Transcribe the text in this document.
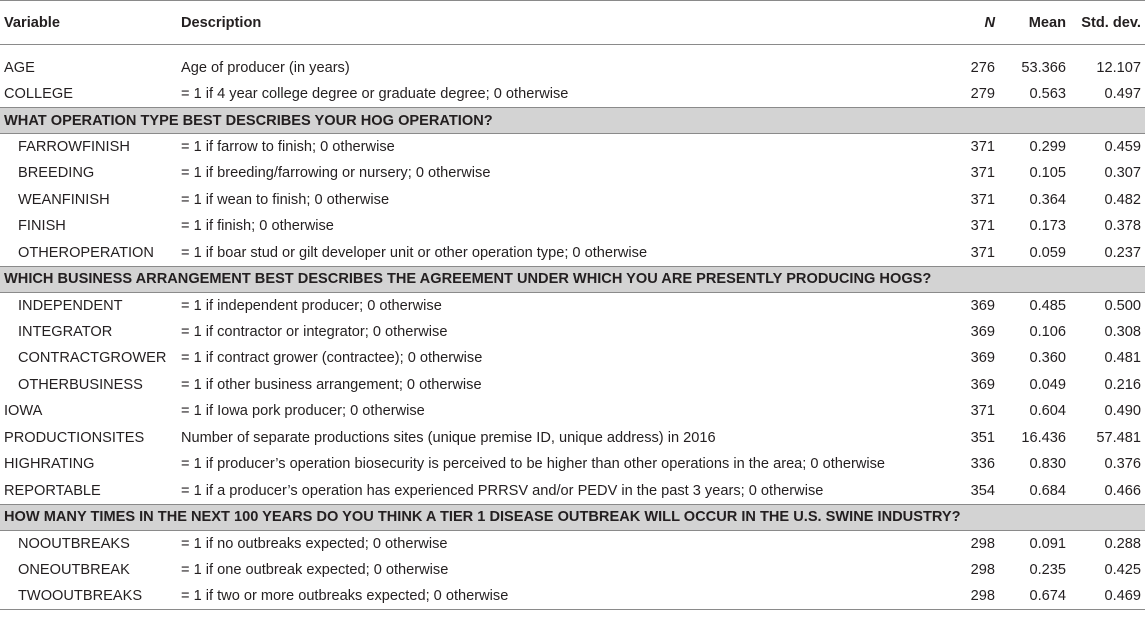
Variable	Description	N	Mean	Std. dev.

AGE	Age of producer (in years)	276	53.366	12.107
COLLEGE	= 1 if 4 year college degree or graduate degree; 0 otherwise	279	0.563	0.497
WHAT OPERATION TYPE BEST DESCRIBES YOUR HOG OPERATION?				
FARROWFINISH	= 1 if farrow to finish; 0 otherwise	371	0.299	0.459
BREEDING	= 1 if breeding/farrowing or nursery; 0 otherwise	371	0.105	0.307
WEANFINISH	= 1 if wean to finish; 0 otherwise	371	0.364	0.482
FINISH	= 1 if finish; 0 otherwise	371	0.173	0.378
OTHEROPERATION	= 1 if boar stud or gilt developer unit or other operation type; 0 otherwise	371	0.059	0.237
WHICH BUSINESS ARRANGEMENT BEST DESCRIBES THE AGREEMENT UNDER WHICH YOU ARE PRESENTLY PRODUCING HOGS?				
INDEPENDENT	= 1 if independent producer; 0 otherwise	369	0.485	0.500
INTEGRATOR	= 1 if contractor or integrator; 0 otherwise	369	0.106	0.308
CONTRACTGROWER	= 1 if contract grower (contractee); 0 otherwise	369	0.360	0.481
OTHERBUSINESS	= 1 if other business arrangement; 0 otherwise	369	0.049	0.216
IOWA	= 1 if Iowa pork producer; 0 otherwise	371	0.604	0.490
PRODUCTIONSITES	Number of separate productions sites (unique premise ID, unique address) in 2016	351	16.436	57.481
HIGHRATING	= 1 if producer’s operation biosecurity is perceived to be higher than other operations in the area; 0 otherwise	336	0.830	0.376
REPORTABLE	= 1 if a producer’s operation has experienced PRRSV and/or PEDV in the past 3 years; 0 otherwise	354	0.684	0.466
HOW MANY TIMES IN THE NEXT 100 YEARS DO YOU THINK A TIER 1 DISEASE OUTBREAK WILL OCCUR IN THE U.S. SWINE INDUSTRY?				
NOOUTBREAKS	= 1 if no outbreaks expected; 0 otherwise	298	0.091	0.288
ONEOUTBREAK	= 1 if one outbreak expected; 0 otherwise	298	0.235	0.425
TWOOUTBREAKS	= 1 if two or more outbreaks expected; 0 otherwise	298	0.674	0.469
